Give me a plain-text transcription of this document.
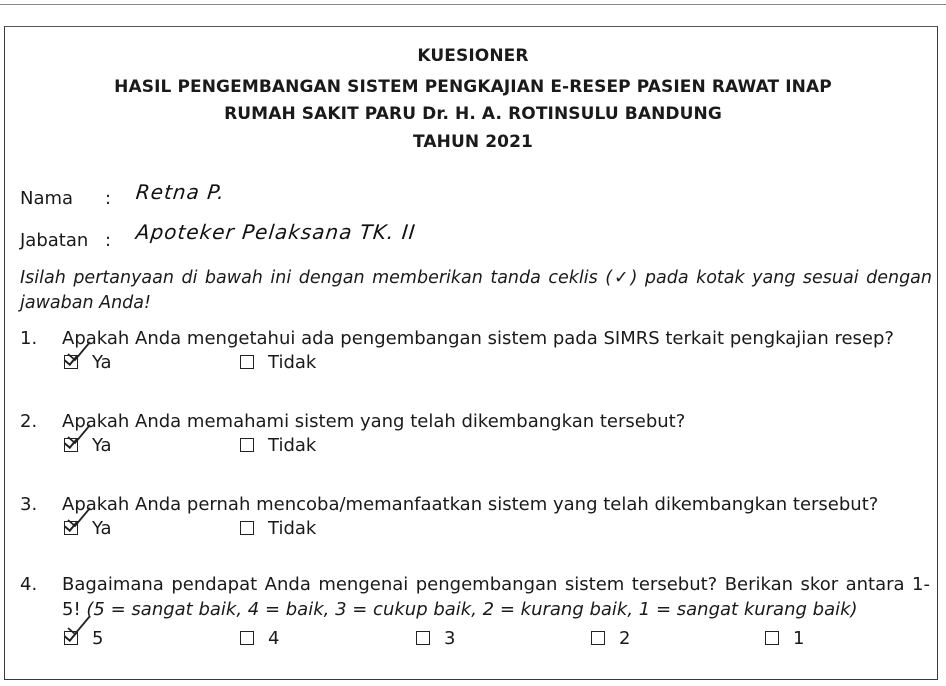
KUESIONER
HASIL PENGEMBANGAN SISTEM PENGKAJIAN E-RESEP PASIEN RAWAT INAP
RUMAH SAKIT PARU Dr. H. A. ROTINSULU BANDUNG
TAHUN 2021
Nama : Retna P.
Jabatan : Apoteker Pelaksana TK. II
Isilah pertanyaan di bawah ini dengan memberikan tanda ceklis (✓) pada kotak yang sesuai dengan jawaban Anda!
1. Apakah Anda mengetahui ada pengembangan sistem pada SIMRS terkait pengkajian resep?
Ya	Tidak
2. Apakah Anda memahami sistem yang telah dikembangkan tersebut?
Ya	Tidak
3. Apakah Anda pernah mencoba/memanfaatkan sistem yang telah dikembangkan tersebut?
Ya	Tidak
4. Bagaimana pendapat Anda mengenai pengembangan sistem tersebut? Berikan skor antara 1-5! (5 = sangat baik, 4 = baik, 3 = cukup baik, 2 = kurang baik, 1 = sangat kurang baik)
5	4	3	2	1
